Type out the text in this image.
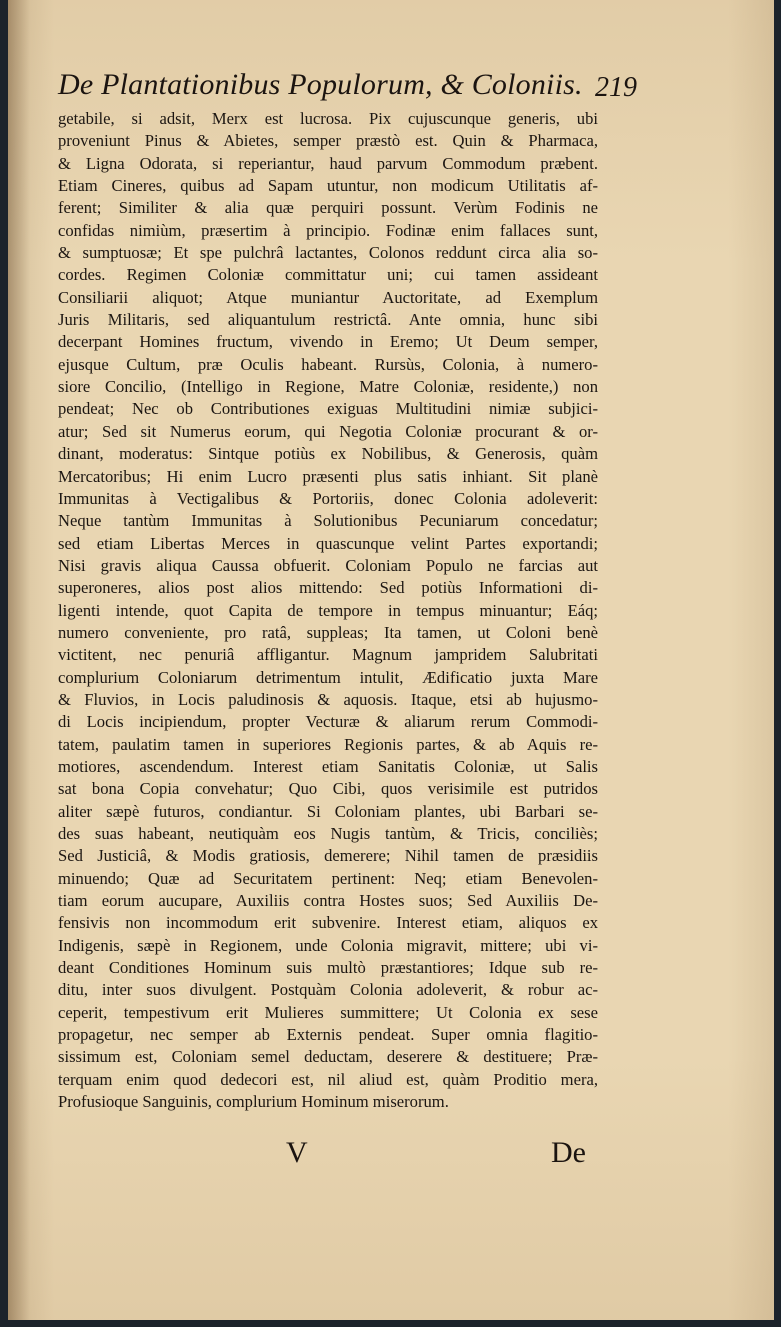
De Plantationibus Populorum, & Coloniis. 219
getabile, si adsit, Merx est lucrosa. Pix cujuscunque generis, ubi
proveniunt Pinus & Abietes, semper præstò est. Quin & Pharmaca,
& Ligna Odorata, si reperiantur, haud parvum Commodum præbent.
Etiam Cineres, quibus ad Sapam utuntur, non modicum Utilitatis af-
ferent; Similiter & alia quæ perquiri possunt. Verùm Fodinis ne
confidas nimiùm, præsertim à principio. Fodinæ enim fallaces sunt,
& sumptuosæ; Et spe pulchrâ lactantes, Colonos reddunt circa alia so-
cordes. Regimen Coloniæ committatur uni; cui tamen assideant
Consiliarii aliquot; Atque muniantur Auctoritate, ad Exemplum
Juris Militaris, sed aliquantulum restrictâ. Ante omnia, hunc sibi
decerpant Homines fructum, vivendo in Eremo; Ut Deum semper,
ejusque Cultum, præ Oculis habeant. Rursùs, Colonia, à numero-
siore Concilio, (Intelligo in Regione, Matre Coloniæ, residente,) non
pendeat; Nec ob Contributiones exiguas Multitudini nimiæ subjici-
atur; Sed sit Numerus eorum, qui Negotia Coloniæ procurant & or-
dinant, moderatus: Sintque potiùs ex Nobilibus, & Generosis, quàm
Mercatoribus; Hi enim Lucro præsenti plus satis inhiant. Sit planè
Immunitas à Vectigalibus & Portoriis, donec Colonia adoleverit:
Neque tantùm Immunitas à Solutionibus Pecuniarum concedatur;
sed etiam Libertas Merces in quascunque velint Partes exportandi;
Nisi gravis aliqua Caussa obfuerit. Coloniam Populo ne farcias aut
superoneres, alios post alios mittendo: Sed potiùs Informationi di-
ligenti intende, quot Capita de tempore in tempus minuantur; Eáq;
numero conveniente, pro ratâ, suppleas; Ita tamen, ut Coloni benè
victitent, nec penuriâ affligantur. Magnum jampridem Salubritati
complurium Coloniarum detrimentum intulit, Ædificatio juxta Mare
& Fluvios, in Locis paludinosis & aquosis. Itaque, etsi ab hujusmo-
di Locis incipiendum, propter Vecturæ & aliarum rerum Commodi-
tatem, paulatim tamen in superiores Regionis partes, & ab Aquis re-
motiores, ascendendum. Interest etiam Sanitatis Coloniæ, ut Salis
sat bona Copia convehatur; Quo Cibi, quos verisimile est putridos
aliter sæpè futuros, condiantur. Si Coloniam plantes, ubi Barbari se-
des suas habeant, neutiquàm eos Nugis tantùm, & Tricis, conciliès;
Sed Justiciâ, & Modis gratiosis, demerere; Nihil tamen de præsidiis
minuendo; Quæ ad Securitatem pertinent: Neq; etiam Benevolen-
tiam eorum aucupare, Auxiliis contra Hostes suos; Sed Auxiliis De-
fensivis non incommodum erit subvenire. Interest etiam, aliquos ex
Indigenis, sæpè in Regionem, unde Colonia migravit, mittere; ubi vi-
deant Conditiones Hominum suis multò præstantiores; Idque sub re-
ditu, inter suos divulgent. Postquàm Colonia adoleverit, & robur ac-
ceperit, tempestivum erit Mulieres summittere; Ut Colonia ex sese
propagetur, nec semper ab Externis pendeat. Super omnia flagitio-
sissimum est, Coloniam semel deductam, deserere & destituere; Præ-
terquam enim quod dedecori est, nil aliud est, quàm Proditio mera,
Profusioque Sanguinis, complurium Hominum miserorum.
V	De
